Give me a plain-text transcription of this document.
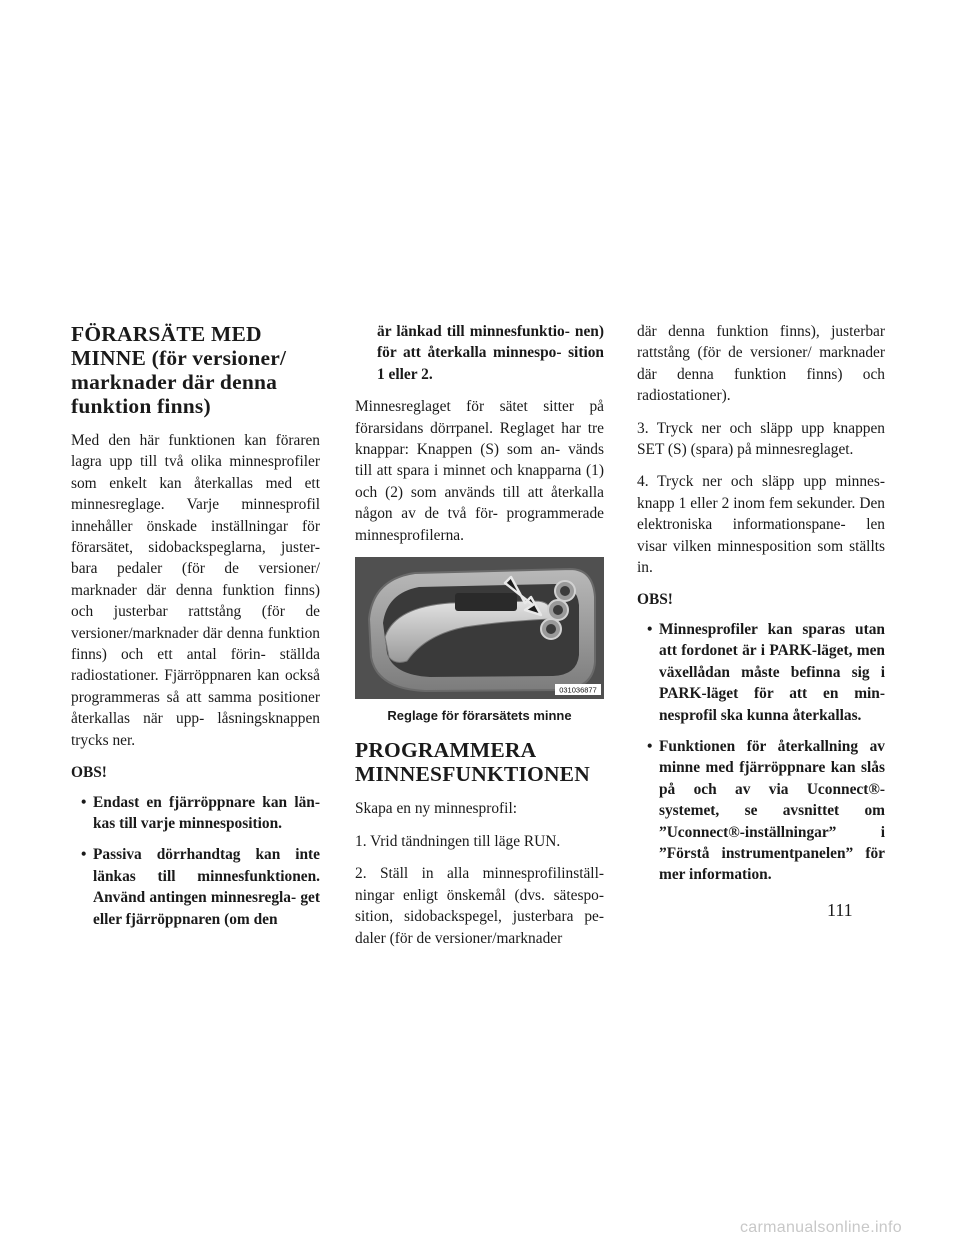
FÖRARSÄTE MED MINNE (för versioner/ marknader där denna funktion finns)

Med den här funktionen kan föraren lagra upp till två olika minnesprofiler som enkelt kan återkallas med ett minnesreglage. Varje minnesprofil innehåller önskade inställningar för förarsätet, sidobackspeglarna, juster- bara pedaler (för de versioner/ marknader där denna funktion finns) och justerbar rattstång (för de versioner/marknader där denna funktion finns) och ett antal förin- ställda radiostationer. Fjärröppnaren kan också programmeras så att samma positioner återkallas när upp- låsningsknappen trycks ner.

OBS!

• Endast en fjärröppnare kan län- kas till varje minnesposition.
• Passiva dörrhandtag kan inte länkas till minnesfunktionen. Använd antingen minnesregla- get eller fjärröppnaren (om den
är länkad till minnesfunktio- nen) för att återkalla minnespo- sition 1 eller 2.

Minnesreglaget för sätet sitter på förarsidans dörrpanel. Reglaget har tre knappar: Knappen (S) som an- vänds till att spara i minnet och knapparna (1) och (2) som används till att återkalla någon av de två för- programmerade minnesprofilerna.

031036877
Reglage för förarsätets minne
PROGRAMMERA MINNESFUNKTIONEN

Skapa en ny minnesprofil:

1. Vrid tändningen till läge RUN.

2. Ställ in alla minnesprofilinställ- ningar enligt önskemål (dvs. sätespo- sition, sidobackspegel, justerbara pe- daler (för de versioner/marknader

där denna funktion finns), justerbar rattstång (för de versioner/ marknader där denna funktion finns) och radiostationer).

3. Tryck ner och släpp upp knappen SET (S) (spara) på minnesreglaget.

4. Tryck ner och släpp upp minnes- knapp 1 eller 2 inom fem sekunder. Den elektroniska informationspane- len visar vilken minnesposition som ställts in.

OBS!

• Minnesprofiler kan sparas utan att fordonet är i PARK-läget, men växellådan måste befinna sig i PARK-läget för att en min- nesprofil ska kunna återkallas.
• Funktionen för återkallning av minne med fjärröppnare kan slås på och av via Uconnect®- systemet, se avsnittet om ”Uconnect®-inställningar” i ”Förstå instrumentpanelen” för mer information.
111
carmanualsonline.info
